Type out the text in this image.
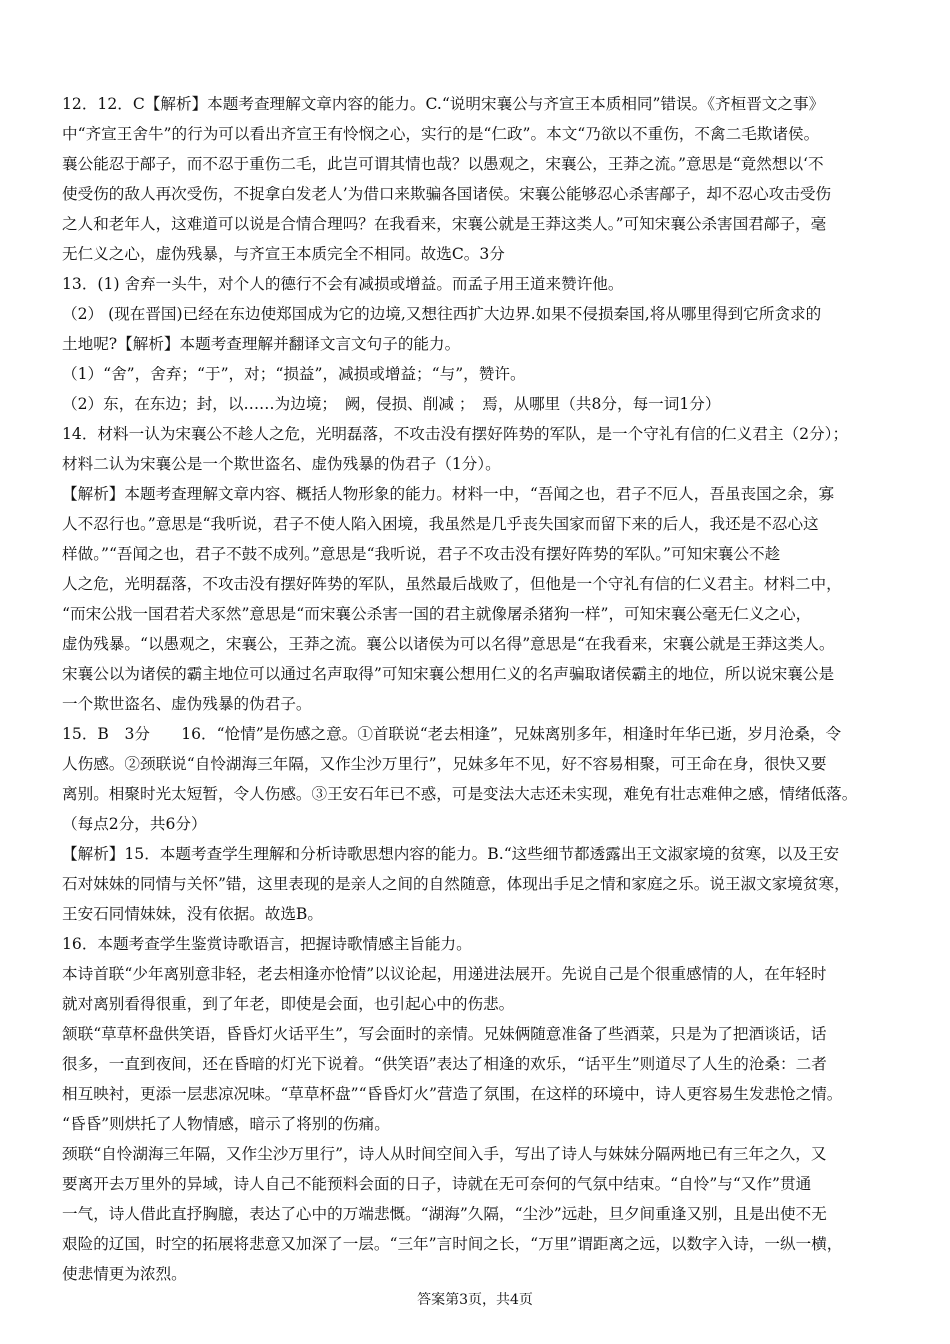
12．12．C【解析】本题考查理解文章内容的能力。C.“说明宋襄公与齐宣王本质相同”错误。《齐桓晋文之事》
中“齐宣王舍牛”的行为可以看出齐宣王有怜悯之心，实行的是“仁政”。本文“乃欲以不重伤，不禽二毛欺诸侯。
襄公能忍于鄗子，而不忍于重伤二毛，此岂可谓其情也哉？以愚观之，宋襄公，王莽之流。”意思是“竟然想以‘不
使受伤的敌人再次受伤，不捉拿白发老人’为借口来欺骗各国诸侯。宋襄公能够忍心杀害鄗子，却不忍心攻击受伤
之人和老年人，这难道可以说是合情合理吗？在我看来，宋襄公就是王莽这类人。”可知宋襄公杀害国君鄗子，毫
无仁义之心，虚伪残暴，与齐宣王本质完全不相同。故选C。3分
13．(1) 舍弃一头牛，对个人的德行不会有减损或增益。而孟子用王道来赞许他。
（2） (现在晋国)已经在东边使郑国成为它的边境,又想往西扩大边界.如果不侵损秦国,将从哪里得到它所贪求的
土地呢?【解析】本题考查理解并翻译文言文句子的能力。
（1）“舍”，舍弃；“于”，对；“损益”，减损或增益；“与”，赞许。
（2）东，在东边；封，以……为边境；　阙，侵损、削减 ；　焉，从哪里（共8分，每一词1分）
14．材料一认为宋襄公不趁人之危，光明磊落，不攻击没有摆好阵势的军队，是一个守礼有信的仁义君主（2分）；
材料二认为宋襄公是一个欺世盗名、虚伪残暴的伪君子（1分）。
【解析】本题考查理解文章内容、概括人物形象的能力。材料一中，“吾闻之也，君子不厄人，吾虽丧国之余，寡
人不忍行也。”意思是“我听说，君子不使人陷入困境，我虽然是几乎丧失国家而留下来的后人，我还是不忍心这
样做。”“吾闻之也，君子不鼓不成列。”意思是“我听说，君子不攻击没有摆好阵势的军队。”可知宋襄公不趁
人之危，光明磊落，不攻击没有摆好阵势的军队，虽然最后战败了，但他是一个守礼有信的仁义君主。材料二中，
“而宋公戕一国君若犬豕然”意思是“而宋襄公杀害一国的君主就像屠杀猪狗一样”，可知宋襄公毫无仁义之心，
虚伪残暴。“以愚观之，宋襄公，王莽之流。襄公以诸侯为可以名得”意思是“在我看来，宋襄公就是王莽这类人。
宋襄公以为诸侯的霸主地位可以通过名声取得”可知宋襄公想用仁义的名声骗取诸侯霸主的地位，所以说宋襄公是
一个欺世盗名、虚伪残暴的伪君子。
15．B　3分　　16．“怆情”是伤感之意。①首联说“老去相逢”，兄妹离别多年，相逢时年华已逝，岁月沧桑，令
人伤感。②颈联说“自怜湖海三年隔，又作尘沙万里行”，兄妹多年不见，好不容易相聚，可王命在身，很快又要
离别。相聚时光太短暂，令人伤感。③王安石年已不惑，可是变法大志还未实现，难免有壮志难伸之感，情绪低落。
（每点2分，共6分）
【解析】15．本题考查学生理解和分析诗歌思想内容的能力。B.“这些细节都透露出王文淑家境的贫寒，以及王安
石对妹妹的同情与关怀”错，这里表现的是亲人之间的自然随意，体现出手足之情和家庭之乐。说王淑文家境贫寒，
王安石同情妹妹，没有依据。故选B。
16．本题考查学生鉴赏诗歌语言，把握诗歌情感主旨能力。
本诗首联“少年离别意非轻，老去相逢亦怆情”以议论起，用递进法展开。先说自己是个很重感情的人，在年轻时
就对离别看得很重，到了年老，即使是会面，也引起心中的伤悲。
颔联“草草杯盘供笑语，昏昏灯火话平生”，写会面时的亲情。兄妹俩随意准备了些酒菜，只是为了把酒谈话，话
很多，一直到夜间，还在昏暗的灯光下说着。“供笑语”表达了相逢的欢乐，“话平生”则道尽了人生的沧桑：二者
相互映衬，更添一层悲凉况味。“草草杯盘”“昏昏灯火”营造了氛围，在这样的环境中，诗人更容易生发悲怆之情。
“昏昏”则烘托了人物情感，暗示了将别的伤痛。
颈联“自怜湖海三年隔，又作尘沙万里行”，诗人从时间空间入手，写出了诗人与妹妹分隔两地已有三年之久，又
要离开去万里外的异域，诗人自己不能预料会面的日子，诗就在无可奈何的气氛中结束。“自怜”与“又作”贯通
一气，诗人借此直抒胸臆，表达了心中的万端悲慨。“湖海”久隔，“尘沙”远赴，旦夕间重逢又别，且是出使不无
艰险的辽国，时空的拓展将悲意又加深了一层。“三年”言时间之长，“万里”谓距离之远，以数字入诗，一纵一横，
使悲情更为浓烈。
答案第3页，共4页
